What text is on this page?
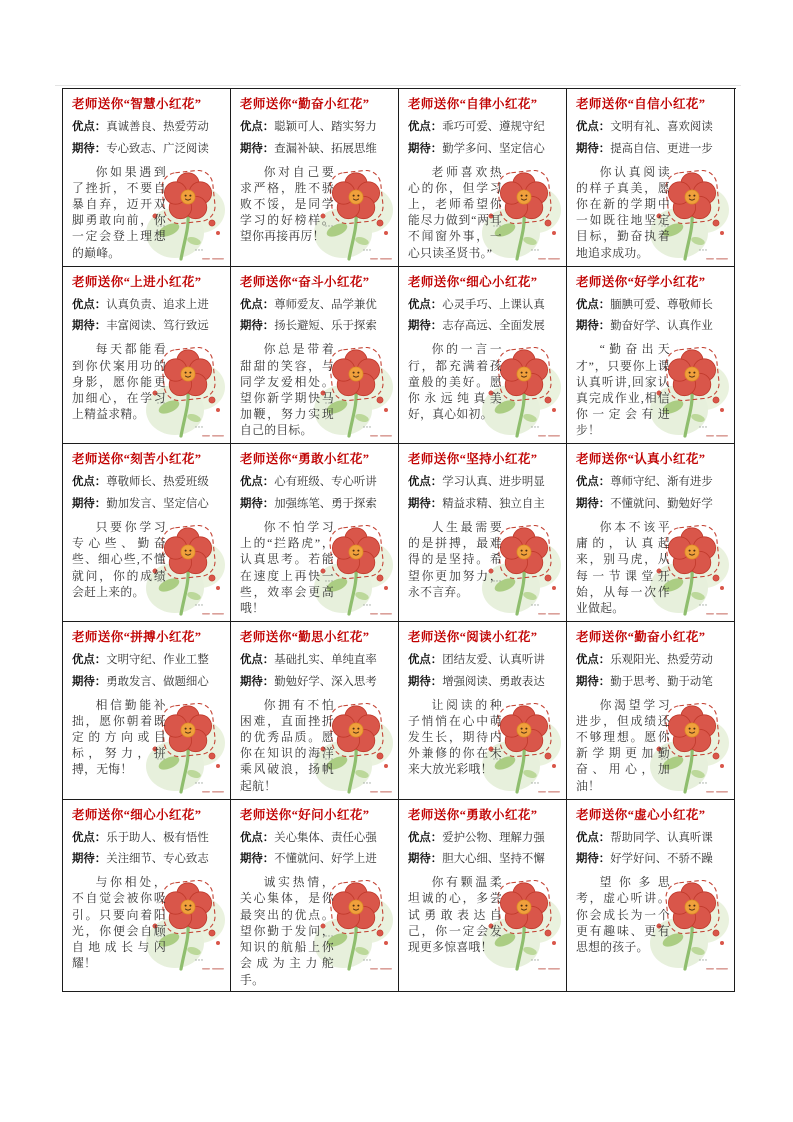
老师送你“智慧小红花”
优点：真诚善良、热爱劳动
期待：专心致志、广泛阅读

你如果遇到了挫折，不要自暴自弃，迈开双脚勇敢向前，你一定会登上理想的巅峰。

老师送你“勤奋小红花”
优点：聪颖可人、踏实努力
期待：查漏补缺、拓展思维

你对自己要求严格，胜不骄败不馁，是同学学习的好榜样。望你再接再厉！

老师送你“自律小红花”
优点：乖巧可爱、遵规守纪
期待：勤学多问、坚定信心

老师喜欢热心的你，但学习上，老师希望你能尽力做到“两耳不闻窗外事，一心只读圣贤书。”

老师送你“自信小红花”
优点：文明有礼、喜欢阅读
期待：提高自信、更进一步

你认真阅读的样子真美，愿你在新的学期中一如既往地坚定目标，勤奋执着地追求成功。

老师送你“上进小红花”
优点：认真负责、追求上进
期待：丰富阅读、笃行致远

每天都能看到你伏案用功的身影，愿你能更加细心，在学习上精益求精。

老师送你“奋斗小红花”
优点：尊师爱友、品学兼优
期待：扬长避短、乐于探索

你总是带着甜甜的笑容，与同学友爱相处。望你新学期快马加鞭，努力实现自己的目标。

老师送你“细心小红花”
优点：心灵手巧、上课认真
期待：志存高远、全面发展

你的一言一行，都充满着孩童般的美好。愿你永远纯真美好，真心如初。

老师送你“好学小红花”
优点：腼腆可爱、尊敬师长
期待：勤奋好学、认真作业

“勤奋出天才”，只要你上课认真听讲,回家认真完成作业,相信你一定会有进步！

老师送你“刻苦小红花”
优点：尊敬师长、热爱班级
期待：勤加发言、坚定信心

只要你学习专心些、勤奋些、细心些,不懂就问，你的成绩会赶上来的。

老师送你“勇敢小红花”
优点：心有班级、专心听讲
期待：加强练笔、勇于探索

你不怕学习上的“拦路虎”，认真思考。若能在速度上再快一些，效率会更高哦！

老师送你“坚持小红花”
优点：学习认真、进步明显
期待：精益求精、独立自主

人生最需要的是拼搏，最难得的是坚持。希望你更加努力，永不言弃。

老师送你“认真小红花”
优点：尊师守纪、渐有进步
期待：不懂就问、勤勉好学

你本不该平庸的，认真起来，别马虎，从每一节课堂开始，从每一次作业做起。

老师送你“拼搏小红花”
优点：文明守纪、作业工整
期待：勇敢发言、做题细心

相信勤能补拙，愿你朝着既定的方向或目标，努力，拼搏，无悔！

老师送你“勤思小红花”
优点：基础扎实、单纯直率
期待：勤勉好学、深入思考

你拥有不怕困难，直面挫折的优秀品质。愿你在知识的海洋乘风破浪，扬帆起航！

老师送你“阅读小红花”
优点：团结友爱、认真听讲
期待：增强阅读、勇敢表达

让阅读的种子悄悄在心中萌发生长，期待内外兼修的你在未来大放光彩哦！

老师送你“勤奋小红花”
优点：乐观阳光、热爱劳动
期待：勤于思考、勤于动笔

你渴望学习进步，但成绩还不够理想。愿你新学期更加勤奋、用心，加油！

老师送你“细心小红花”
优点：乐于助人、极有悟性
期待：关注细节、专心致志

与你相处，不自觉会被你吸引。只要向着阳光，你便会自顾自地成长与闪耀！

老师送你“好问小红花”
优点：关心集体、责任心强
期待：不懂就问、好学上进

诚实热情，关心集体，是你最突出的优点。望你勤于发问，知识的航船上你会成为主力舵手。

老师送你“勇敢小红花”
优点：爱护公物、理解力强
期待：胆大心细、坚持不懈

你有颗温柔坦诚的心，多尝试勇敢表达自己，你一定会发现更多惊喜哦！

老师送你“虚心小红花”
优点：帮助同学、认真听课
期待：好学好问、不骄不躁

望你多思考，虚心听讲。你会成长为一个更有趣味、更有思想的孩子。
